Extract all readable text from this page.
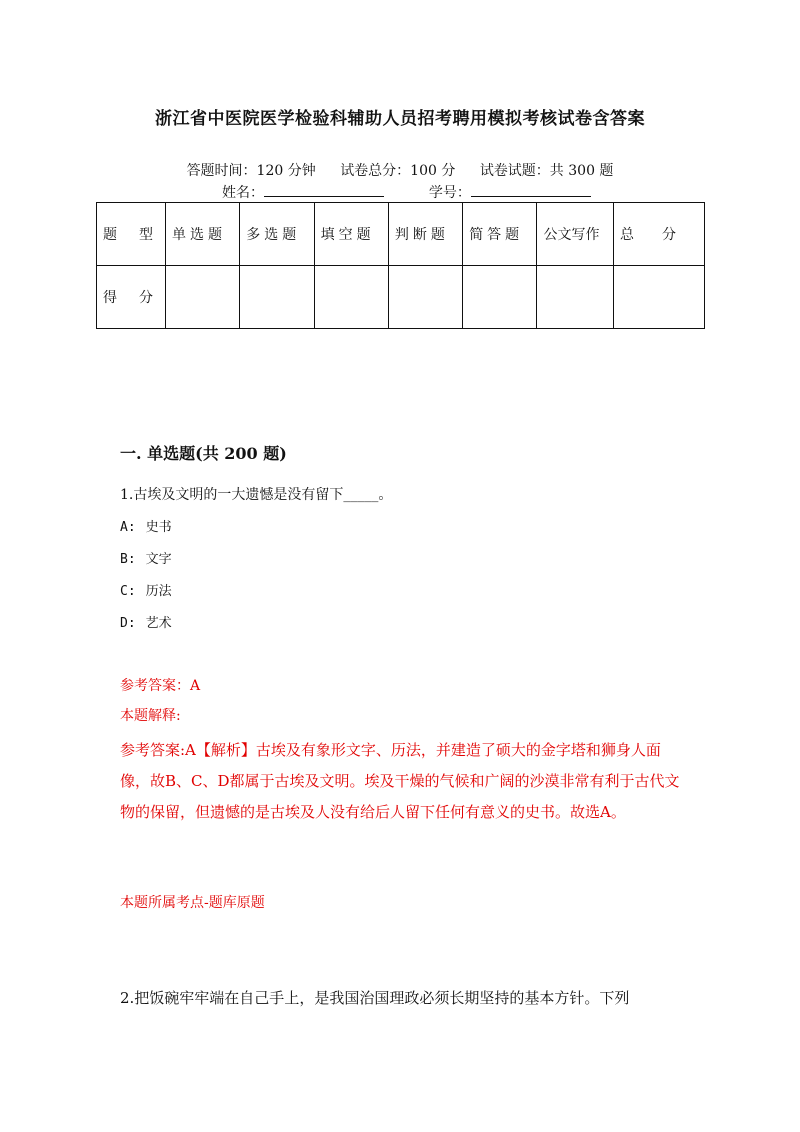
浙江省中医院医学检验科辅助人员招考聘用模拟考核试卷含答案
答题时间：120 分钟 试卷总分：100 分 试卷试题：共 300 题
姓名：	学号：
题　型	单选题	多选题	填空题	判断题	简答题	公文写作	总　　分
得　分							
一. 单选题(共 200 题)
1.古埃及文明的一大遗憾是没有留下_____。
A: 史书
B: 文字
C: 历法
D: 艺术
参考答案：A
本题解释:
参考答案:A【解析】古埃及有象形文字、历法，并建造了硕大的金字塔和狮身人面像，故B、C、D都属于古埃及文明。埃及干燥的气候和广阔的沙漠非常有利于古代文物的保留，但遗憾的是古埃及人没有给后人留下任何有意义的史书。故选A。
本题所属考点-题库原题
2.把饭碗牢牢端在自己手上，是我国治国理政必须长期坚持的基本方针。下列
